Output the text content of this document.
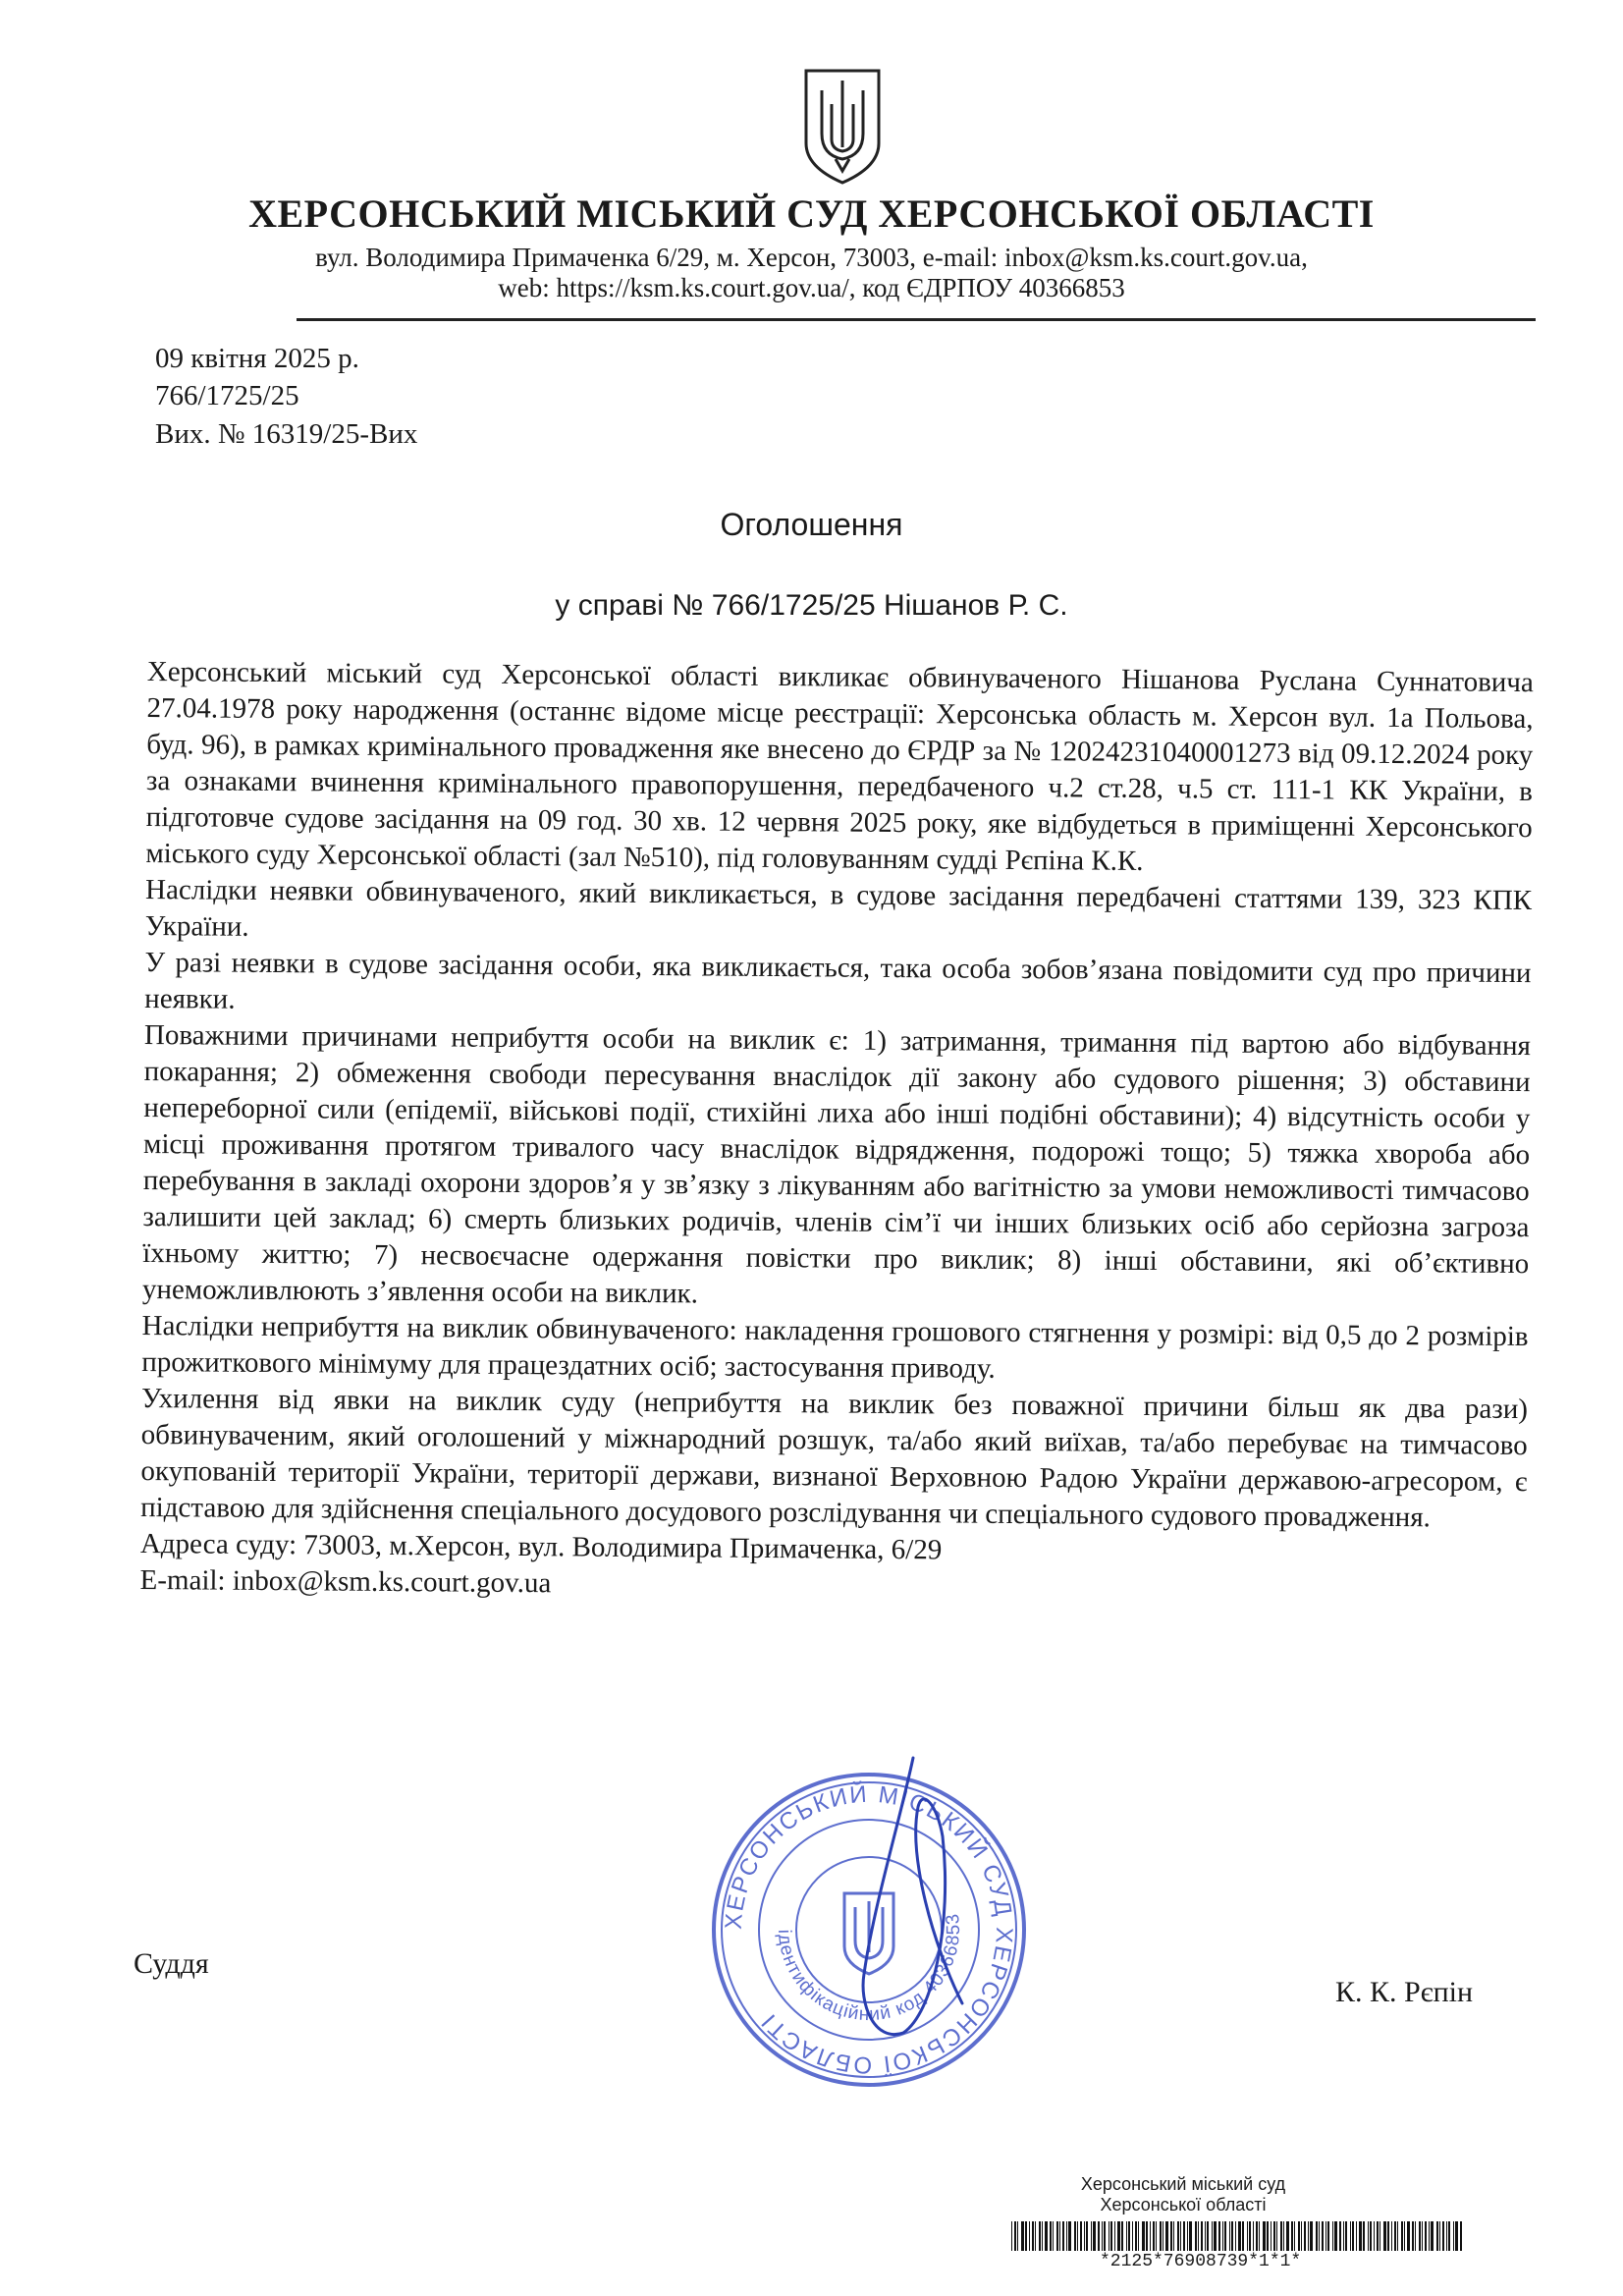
ХЕРСОНСЬКИЙ МІСЬКИЙ СУД ХЕРСОНСЬКОЇ ОБЛАСТІ
вул. Володимира Примаченка 6/29, м. Херсон, 73003, e-mail: inbox@ksm.ks.court.gov.ua,
web: https://ksm.ks.court.gov.ua/, код ЄДРПОУ 40366853
09 квітня 2025 р.
766/1725/25
Вих. № 16319/25-Вих
Оголошення
у справі № 766/1725/25 Нішанов Р. С.

Херсонський міський суд Херсонської області викликає обвинуваченого Нішанова Руслана Суннатовича 27.04.1978 року народження (останнє відоме місце реєстрації: Херсонська область м. Херсон вул. 1а Польова, буд. 96), в рамках кримінального провадження яке внесено до ЄРДР за № 12024231040001273 від 09.12.2024 року за ознаками вчинення кримінального правопорушення, передбаченого ч.2 ст.28, ч.5 ст. 111-1 КК України, в підготовче судове засідання на 09 год. 30 хв. 12 червня 2025 року, яке відбудеться в приміщенні Херсонського міського суду Херсонської області (зал №510), під головуванням судді Рєпіна К.К.

Наслідки неявки обвинуваченого, який викликається, в судове засідання передбачені статтями 139, 323 КПК України.

У разі неявки в судове засідання особи, яка викликається, така особа зобов’язана повідомити суд про причини неявки.

Поважними причинами неприбуття особи на виклик є: 1) затримання, тримання під вартою або відбування покарання; 2) обмеження свободи пересування внаслідок дії закону або судового рішення; 3) обставини непереборної сили (епідемії, військові події, стихійні лиха або інші подібні обставини); 4) відсутність особи у місці проживання протягом тривалого часу внаслідок відрядження, подорожі тощо; 5) тяжка хвороба або перебування в закладі охорони здоров’я у зв’язку з лікуванням або вагітністю за умови неможливості тимчасово залишити цей заклад; 6) смерть близьких родичів, членів сім’ї чи інших близьких осіб або серйозна загроза їхньому життю; 7) несвоєчасне одержання повістки про виклик; 8) інші обставини, які об’єктивно унеможливлюють з’явлення особи на виклик.

Наслідки неприбуття на виклик обвинуваченого: накладення грошового стягнення у розмірі: від 0,5 до 2 розмірів прожиткового мінімуму для працездатних осіб; застосування приводу.

Ухилення від явки на виклик суду (неприбуття на виклик без поважної причини більш як два рази) обвинуваченим, який оголошений у міжнародний розшук, та/або який виїхав, та/або перебуває на тимчасово окупованій території України, території держави, визнаної Верховною Радою України державою-агресором, є підставою для здійснення спеціального досудового розслідування чи спеціального судового провадження.

Адреса суду: 73003, м.Херсон, вул. Володимира Примаченка, 6/29

E-mail: inbox@ksm.ks.court.gov.ua

ХЕРСОНСЬКИЙ МІСЬКИЙ СУД ХЕРСОНСЬКОЇ ОБЛАСТІ
ідентифікаційний код 40366853
Суддя
К. К. Рєпін
Херсонський міський суд
Херсонської області
*2125*76908739*1*1*
